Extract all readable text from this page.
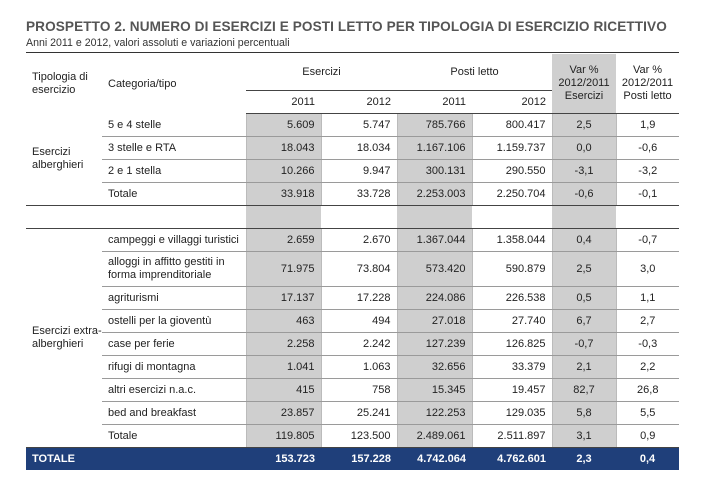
PROSPETTO 2. NUMERO DI ESERCIZI E POSTI LETTO PER TIPOLOGIA DI ESERCIZIO RICETTIVO
Anni 2011 e 2012, valori assoluti e variazioni percentuali
Tipologia di esercizio	Categoria/tipo	Esercizi		Posti letto		Var % 2012/2011 Esercizi	Var % 2012/2011 Posti letto
		2011	2012	2011	2012		
Esercizi alberghieri	5 e 4 stelle	5.609	5.747	785.766	800.417	2,5	1,9
	3 stelle e RTA	18.043	18.034	1.167.106	1.159.737	0,0	-0,6
	2 e 1 stella	10.266	9.947	300.131	290.550	-3,1	-3,2
	Totale	33.918	33.728	2.253.003	2.250.704	-0,6	-0,1

Esercizi extra-alberghieri	campeggi e villaggi turistici	2.659	2.670	1.367.044	1.358.044	0,4	-0,7
	alloggi in affitto gestiti in forma imprenditoriale	71.975	73.804	573.420	590.879	2,5	3,0
	agriturismi	17.137	17.228	224.086	226.538	0,5	1,1
	ostelli per la gioventù	463	494	27.018	27.740	6,7	2,7
	case per ferie	2.258	2.242	127.239	126.825	-0,7	-0,3
	rifugi di montagna	1.041	1.063	32.656	33.379	2,1	2,2
	altri esercizi n.a.c.	415	758	15.345	19.457	82,7	26,8
	bed and breakfast	23.857	25.241	122.253	129.035	5,8	5,5
	Totale	119.805	123.500	2.489.061	2.511.897	3,1	0,9
TOTALE		153.723	157.228	4.742.064	4.762.601	2,3	0,4
